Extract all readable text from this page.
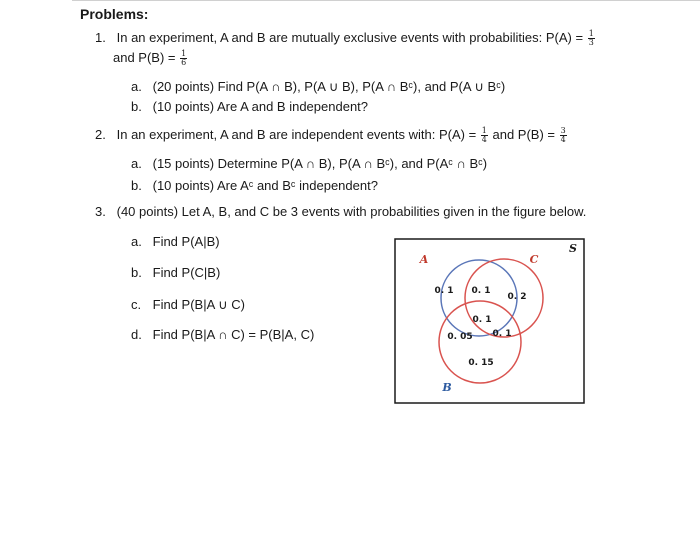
Problems:
1. In an experiment, A and B are mutually exclusive events with probabilities: $P(A) = \frac{1}{3}$
and $P(B) = \frac{1}{6}$
a. (20 points) Find P(A ∩ B), P(A ∪ B), P(A ∩ Bᶜ), and P(A ∪ Bᶜ)
b. (10 points) Are A and B independent?
2. In an experiment, A and B are independent events with: $P(A) = \frac{1}{4}$ and $P(B) = \frac{3}{4}$
a. (15 points) Determine P(A ∩ B), P(A ∩ Bᶜ), and P(Aᶜ ∩ Bᶜ)
b. (10 points) Are Aᶜ and Bᶜ independent?
3. (40 points) Let A, B, and C be 3 events with probabilities given in the figure below.
a. Find P(A|B)
b. Find P(C|B)
c. Find P(B|A ∪ C)
d. Find P(B|A ∩ C) = P(B|A, C)
S
A	C
B
0. 1 0. 1
0. 2
0. 1
0. 05 0. 1
0. 15
